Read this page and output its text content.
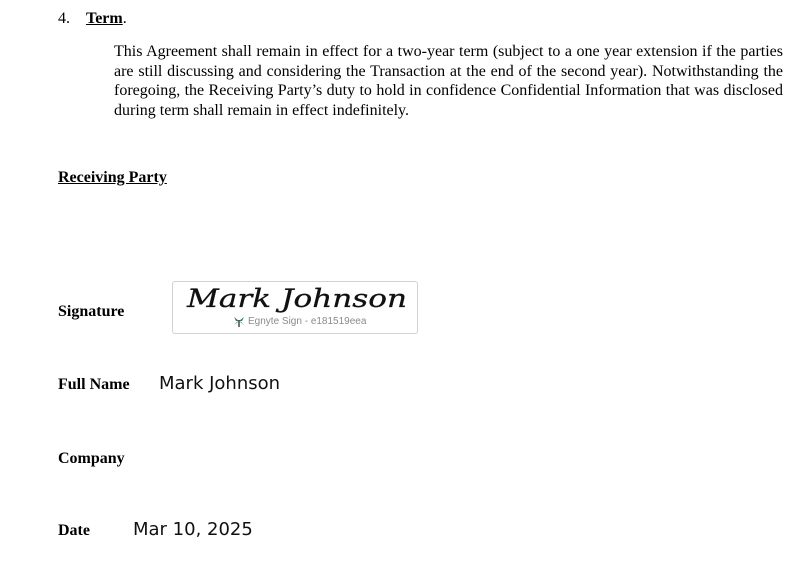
4. Term.
This Agreement shall remain in effect for a two-year term (subject to a one year extension if the parties are still discussing and considering the Transaction at the end of the second year). Notwithstanding the foregoing, the Receiving Party’s duty to hold in confidence Confidential Information that was disclosed during term shall remain in effect indefinitely.
Receiving Party
Signature Mark Johnson
Egnyte Sign - e181519eea
Full Name Mark Johnson
Company
Date Mar 10, 2025
